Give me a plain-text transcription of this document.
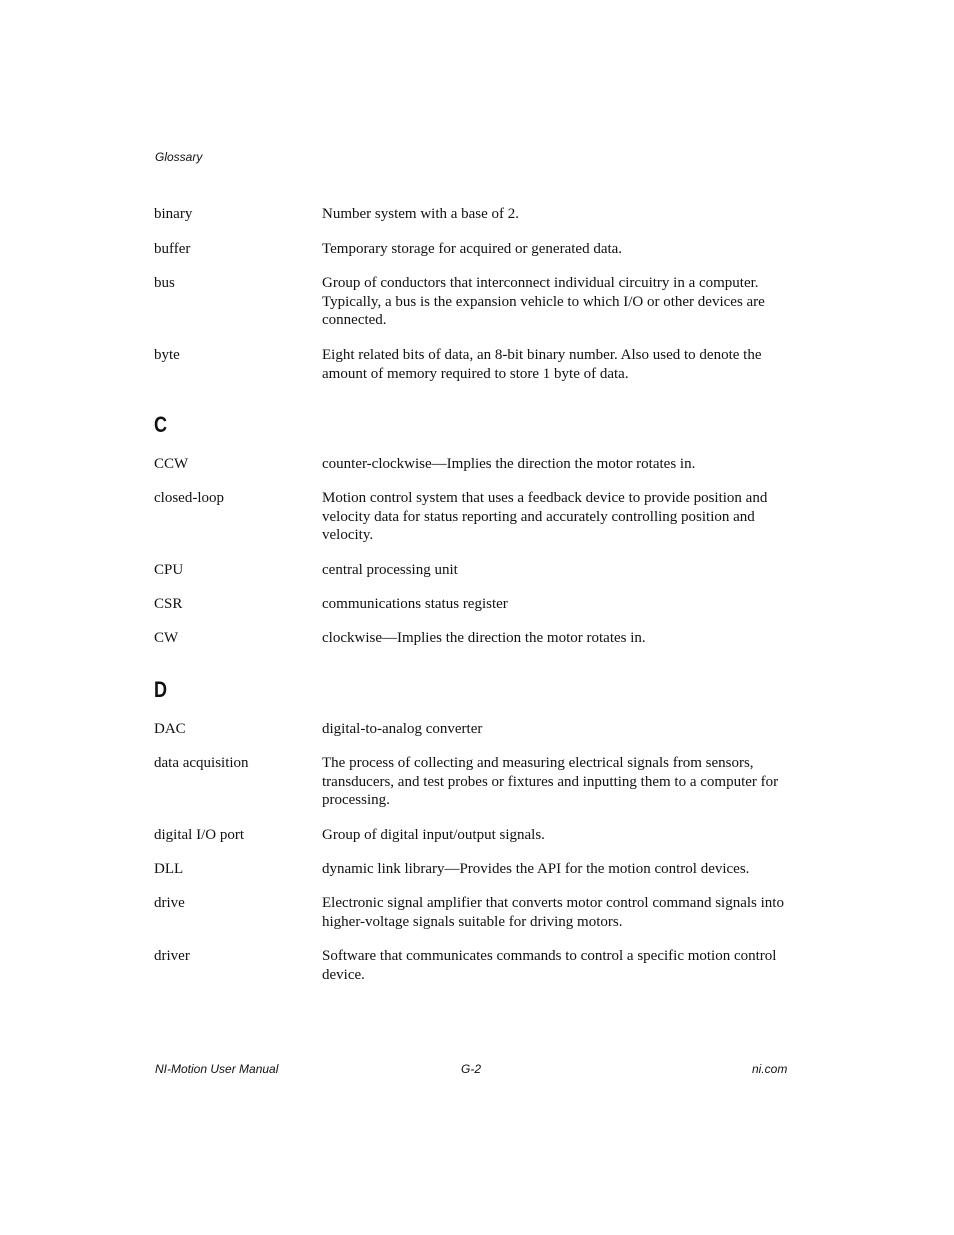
Glossary
binary	Number system with a base of 2.
buffer	Temporary storage for acquired or generated data.
bus	Group of conductors that interconnect individual circuitry in a computer. Typically, a bus is the expansion vehicle to which I/O or other devices are connected.
byte	Eight related bits of data, an 8-bit binary number. Also used to denote the amount of memory required to store 1 byte of data.
C
CCW	counter-clockwise—Implies the direction the motor rotates in.
closed-loop	Motion control system that uses a feedback device to provide position and velocity data for status reporting and accurately controlling position and velocity.
CPU	central processing unit
CSR	communications status register
CW	clockwise—Implies the direction the motor rotates in.
D
DAC	digital-to-analog converter
data acquisition	The process of collecting and measuring electrical signals from sensors, transducers, and test probes or fixtures and inputting them to a computer for processing.
digital I/O port	Group of digital input/output signals.
DLL	dynamic link library—Provides the API for the motion control devices.
drive	Electronic signal amplifier that converts motor control command signals into higher-voltage signals suitable for driving motors.
driver	Software that communicates commands to control a specific motion control device.
NI-Motion User Manual	G-2	ni.com
